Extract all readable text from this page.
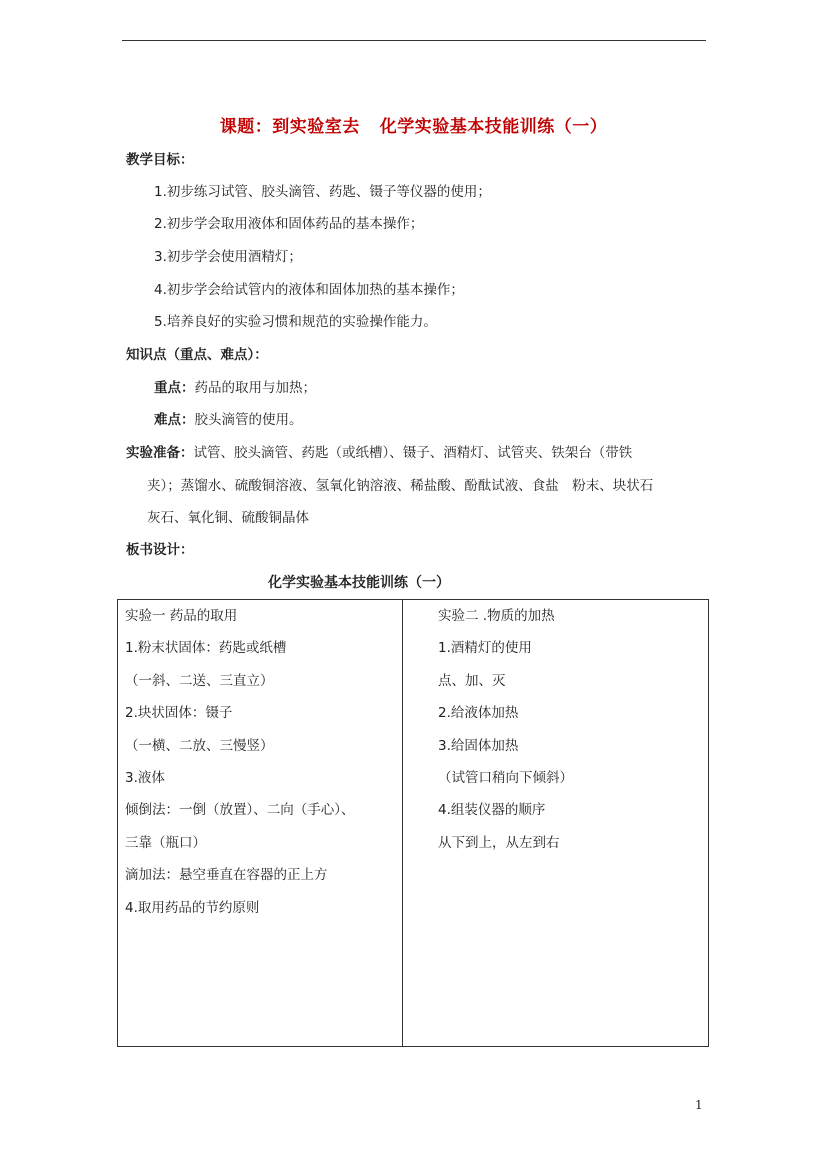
课题：到实验室去 化学实验基本技能训练（一）
教学目标：
1.初步练习试管、胶头滴管、药匙、镊子等仪器的使用；
2.初步学会取用液体和固体药品的基本操作；
3.初步学会使用酒精灯；
4.初步学会给试管内的液体和固体加热的基本操作；
5.培养良好的实验习惯和规范的实验操作能力。
知识点（重点、难点）：
重点：药品的取用与加热；
难点：胶头滴管的使用。
实验准备：试管、胶头滴管、药匙（或纸槽）、镊子、酒精灯、试管夹、铁架台（带铁
夹）；蒸馏水、硫酸铜溶液、氢氧化钠溶液、稀盐酸、酚酞试液、食盐　粉末、块状石
灰石、氧化铜、硫酸铜晶体
板书设计：
化学实验基本技能训练（一）
实验一 药品的取用
1.粉末状固体：药匙或纸槽
（一斜、二送、三直立）
2.块状固体：镊子
（一横、二放、三慢竖）
3.液体
倾倒法：一倒（放置）、二向（手心）、
三靠（瓶口）
滴加法：悬空垂直在容器的正上方
4.取用药品的节约原则
实验二 .物质的加热
1.酒精灯的使用
点、加、灭
2.给液体加热
3.给固体加热
（试管口稍向下倾斜）
4.组装仪器的顺序
从下到上，从左到右
1
